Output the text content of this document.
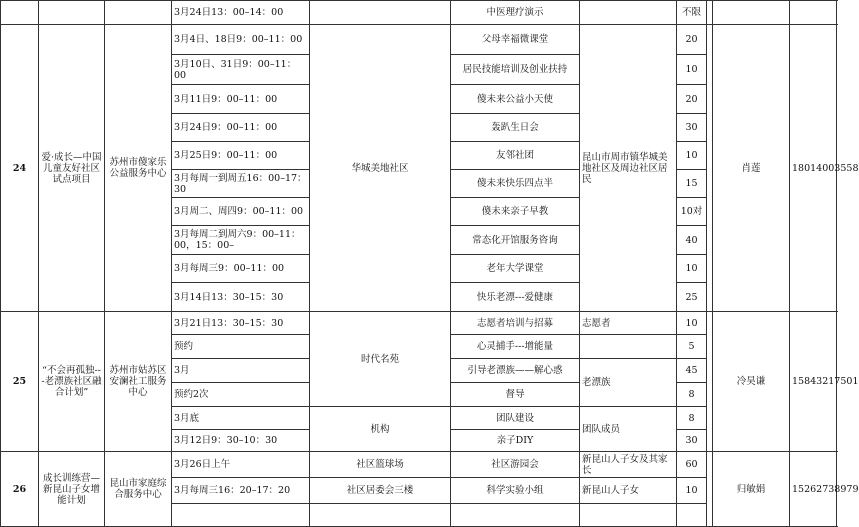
			3月24日13：00–14：00		中医理疗演示		不限			
24	爱·成长—中国儿童友好社区试点项目	苏州市傻家乐公益服务中心	3月4日、18日9：00–11：00	华城美地社区	父母幸福微课堂	昆山市周市镇华城美地社区及周边社区居民	20		肖莲	18014003558
			3月10日、31日9：00–11：00		居民技能培训及创业扶持		10			
			3月11日9：00–11：00		傻未来公益小天使		20			
			3月24日9：00–11：00		轰趴生日会		30			
			3月25日9：00–11：00		友邻社团		10			
			3月每周一到周五16：00–17：30		傻未来快乐四点半		15			
			3月周二、周四9：00–11：00		傻未来亲子早教		10对			
			3月每周二到周六9：00–11：00，15：00–		常态化开馆服务咨询		40			
			3月每周三9：00–11：00		老年大学课堂		10			
			3月14日13：30–15：30		快乐老漂---爱健康		25			
25	“不会再孤独---老漂族社区融合计划”	苏州市姑苏区安澜社工服务中心	3月21日13：30–15：30	时代名苑	志愿者培训与招募	志愿者	10		冷昊谦	15843217501
			预约		心灵捕手---增能量		5			
			3月		引导老漂族——解心惑	老漂族	45			
			预约2次		督导		8			
			3月底	机构	团队建设	团队成员	8			
			3月12日9：30–10：30		亲子DIY		30			
26	成长训练营—新昆山子女增能计划	昆山市家庭综合服务中心	3月26日上午	社区篮球场	社区游园会	新昆山人子女及其家长	60		归敏娟	15262738979
			3月每周三16：20–17：20	社区居委会三楼	科学实验小组	新昆山人子女	10			
